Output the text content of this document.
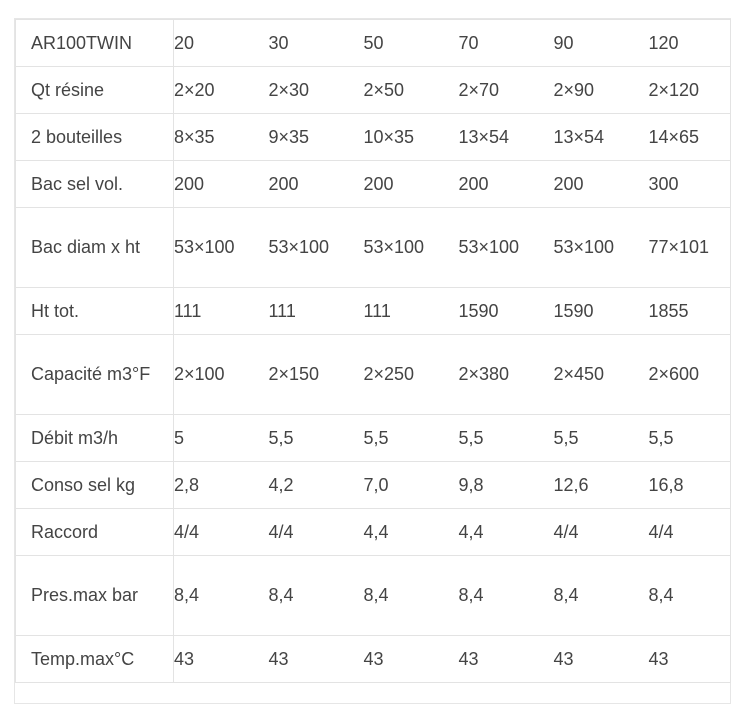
AR100TWIN	20	30	50	70	90	120
Qt résine	2×20	2×30	2×50	2×70	2×90	2×120
2 bouteilles	8×35	9×35	10×35	13×54	13×54	14×65
Bac sel vol.	200	200	200	200	200	300
Bac diam x ht	53×100	53×100	53×100	53×100	53×100	77×101
Ht tot.	111	111	111	1590	1590	1855
Capacité m3°F	2×100	2×150	2×250	2×380	2×450	2×600
Débit m3/h	5	5,5	5,5	5,5	5,5	5,5
Conso sel kg	2,8	4,2	7,0	9,8	12,6	16,8
Raccord	4/4	4/4	4,4	4,4	4/4	4/4
Pres.max bar	8,4	8,4	8,4	8,4	8,4	8,4
Temp.max°C	43	43	43	43	43	43
